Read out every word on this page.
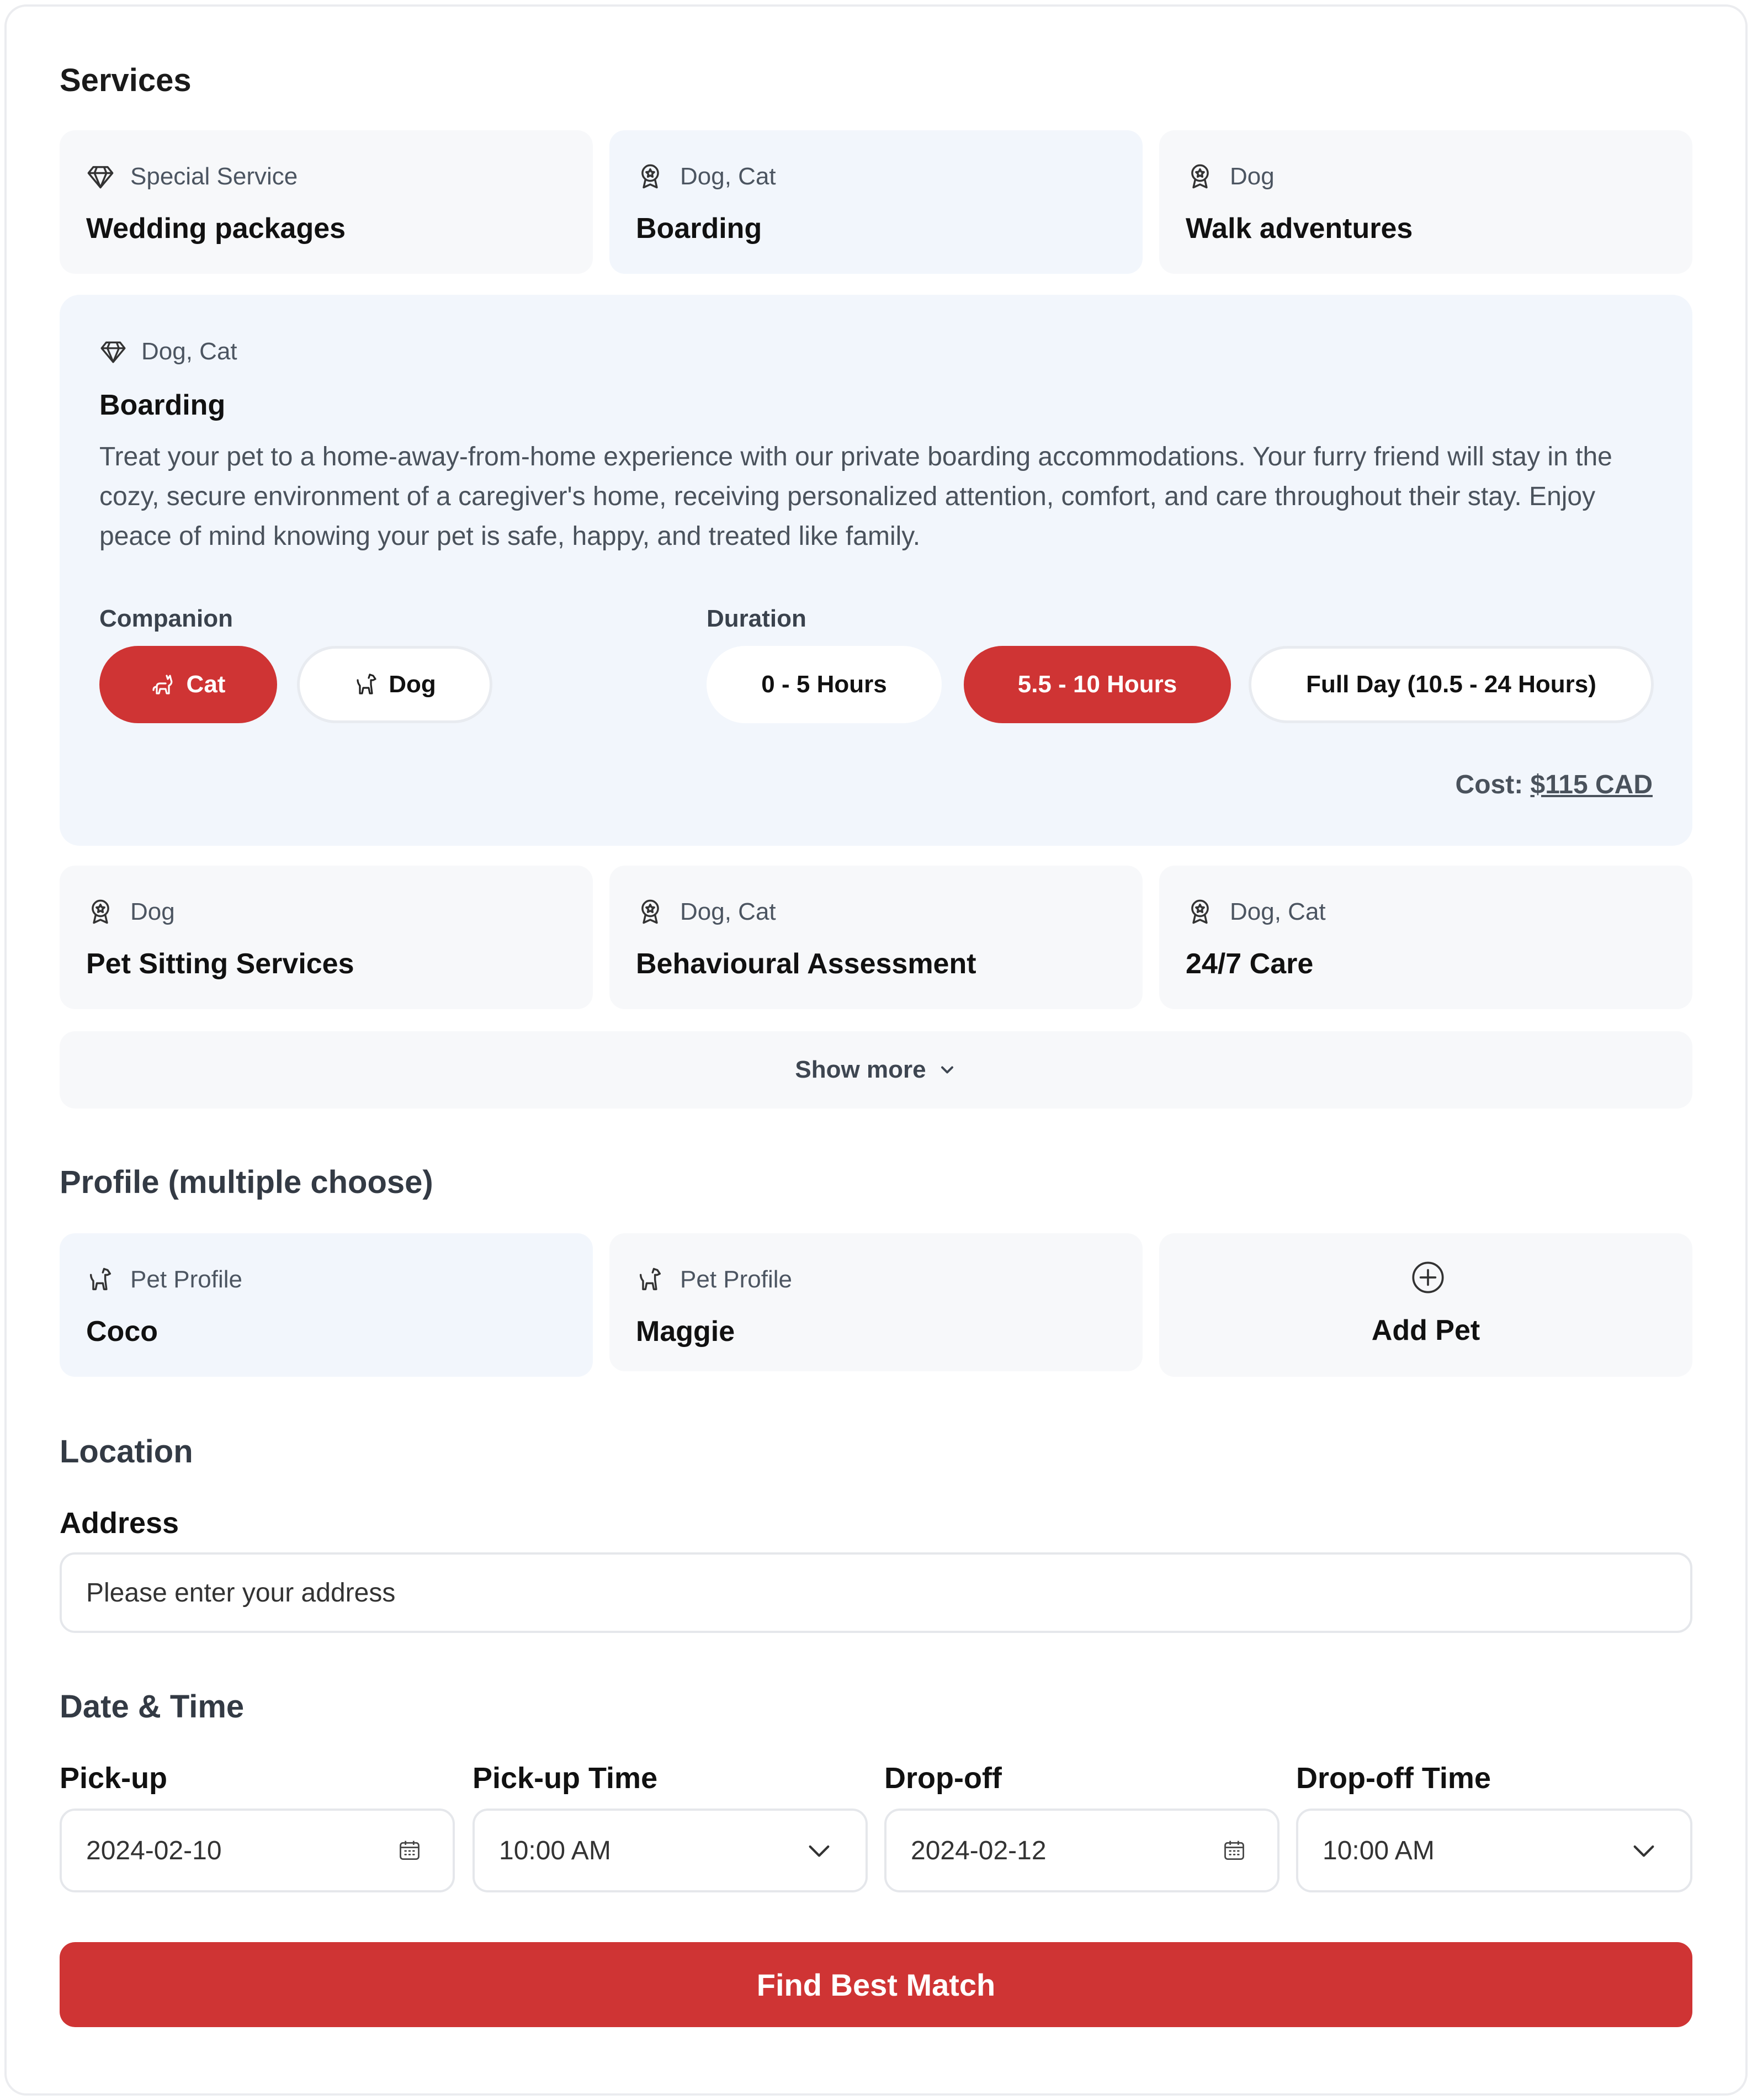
Services
Special Service
Wedding packages
Dog, Cat
Boarding
Dog
Walk adventures
Dog, Cat
Boarding
Treat your pet to a home-away-from-home experience with our private boarding accommodations. Your furry friend will stay in the cozy, secure environment of a caregiver's home, receiving personalized attention, comfort, and care throughout their stay. Enjoy peace of mind knowing your pet is safe, happy, and treated like family.
Companion	Duration
Cat	Dog	0 - 5 Hours	5.5 - 10 Hours	Full Day (10.5 - 24 Hours)
Cost: $115 CAD
Dog
Pet Sitting Services
Dog, Cat
Behavioural Assessment
Dog, Cat
24/7 Care
Show more
Profile (multiple choose)
Pet Profile
Coco
Pet Profile
Maggie	Add Pet
Location
Address
Please enter your address
Date & Time
Pick-up	Pick-up Time	Drop-off	Drop-off Time
2024-02-10	10:00 AM	2024-02-12	10:00 AM
Find Best Match
